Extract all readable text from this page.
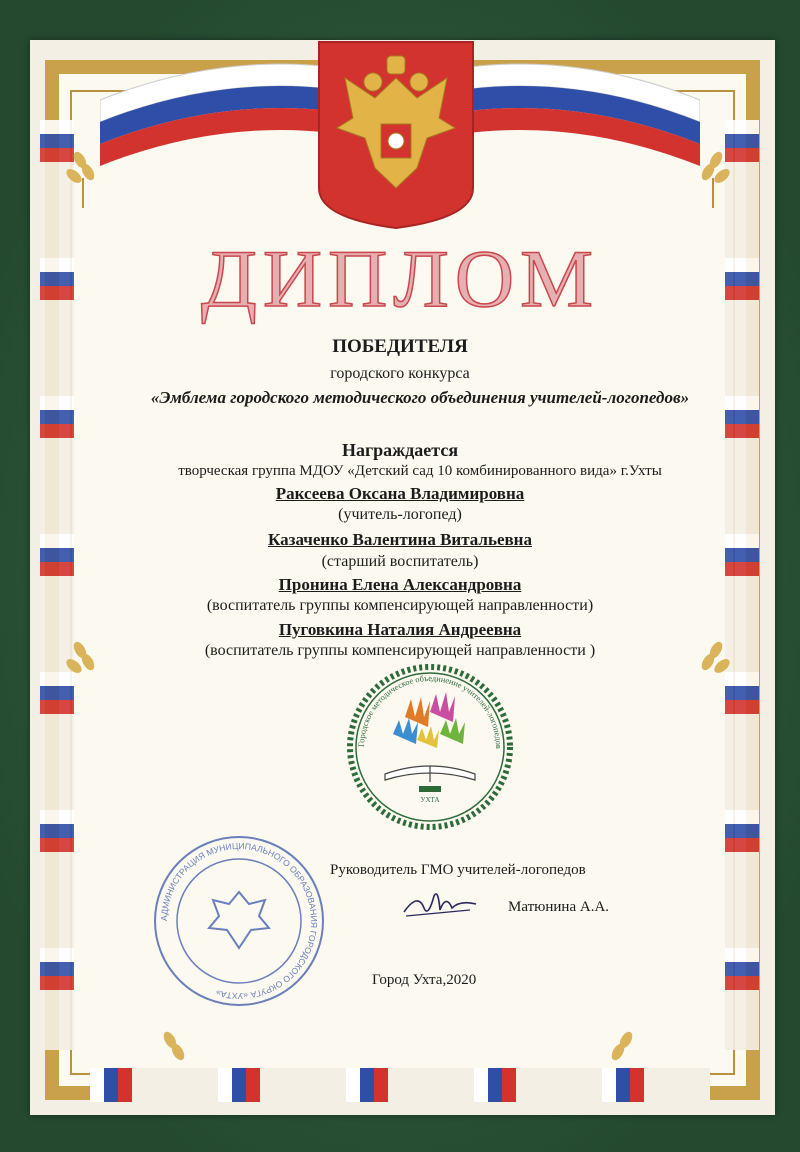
ДИПЛОМ
ПОБЕДИТЕЛЯ
городского конкурса
«Эмблема городского методического объединения учителей-логопедов»
Награждается
творческая группа МДОУ «Детский сад 10 комбинированного вида» г.Ухты
Раксеева Оксана Владимировна
(учитель-логопед)
Казаченко Валентина Витальевна
(старший воспитатель)
Пронина Елена Александровна
(воспитатель группы компенсирующей направленности)
Пуговкина Наталия Андреевна
(воспитатель группы компенсирующей направленности )
Городское методическое объединение учителей-логопедов
УХТА
АДМИНИСТРАЦИЯ МУНИЦИПАЛЬНОГО ОБРАЗОВАНИЯ ГОРОДСКОГО ОКРУГА «УХТА»
Руководитель ГМО учителей-логопедов
Матюнина А.А.
Город Ухта,2020
